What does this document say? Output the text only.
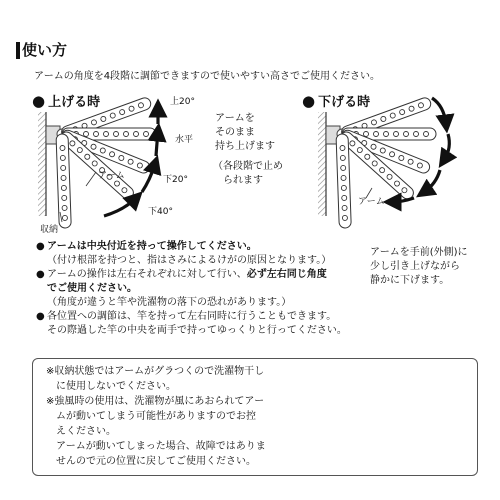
使い方
アームの角度を4段階に調節できますので使いやすい高さでご使用ください。
● 上げる時	● 下げる時
上20°
水平
下20°
下40°
アーム
収納
アームを
そのまま
持ち上げます
（各段階で止め
　られます
アーム
アームを手前(外側)に
少し引き上げながら
静かに下げます。
● アームは中央付近を持って操作してください。
（付け根部を持つと、指はさみによるけがの原因となります。）
● アームの操作は左右それぞれに対して行い、必ず左右同じ角度
でご使用ください。
（角度が違うと竿や洗濯物の落下の恐れがあります。）
● 各位置への調節は、竿を持って左右同時に行うこともできます。
その際過した竿の中央を両手で持ってゆっくりと行ってください。
※収納状態ではアームがグラつくので洗濯物干し
　に使用しないでください。
※強風時の使用は、洗濯物が風にあおられてアー
　ムが動いてしまう可能性がありますのでお控
　えください。
　アームが動いてしまった場合、故障ではありま
　せんので元の位置に戻してご使用ください。
